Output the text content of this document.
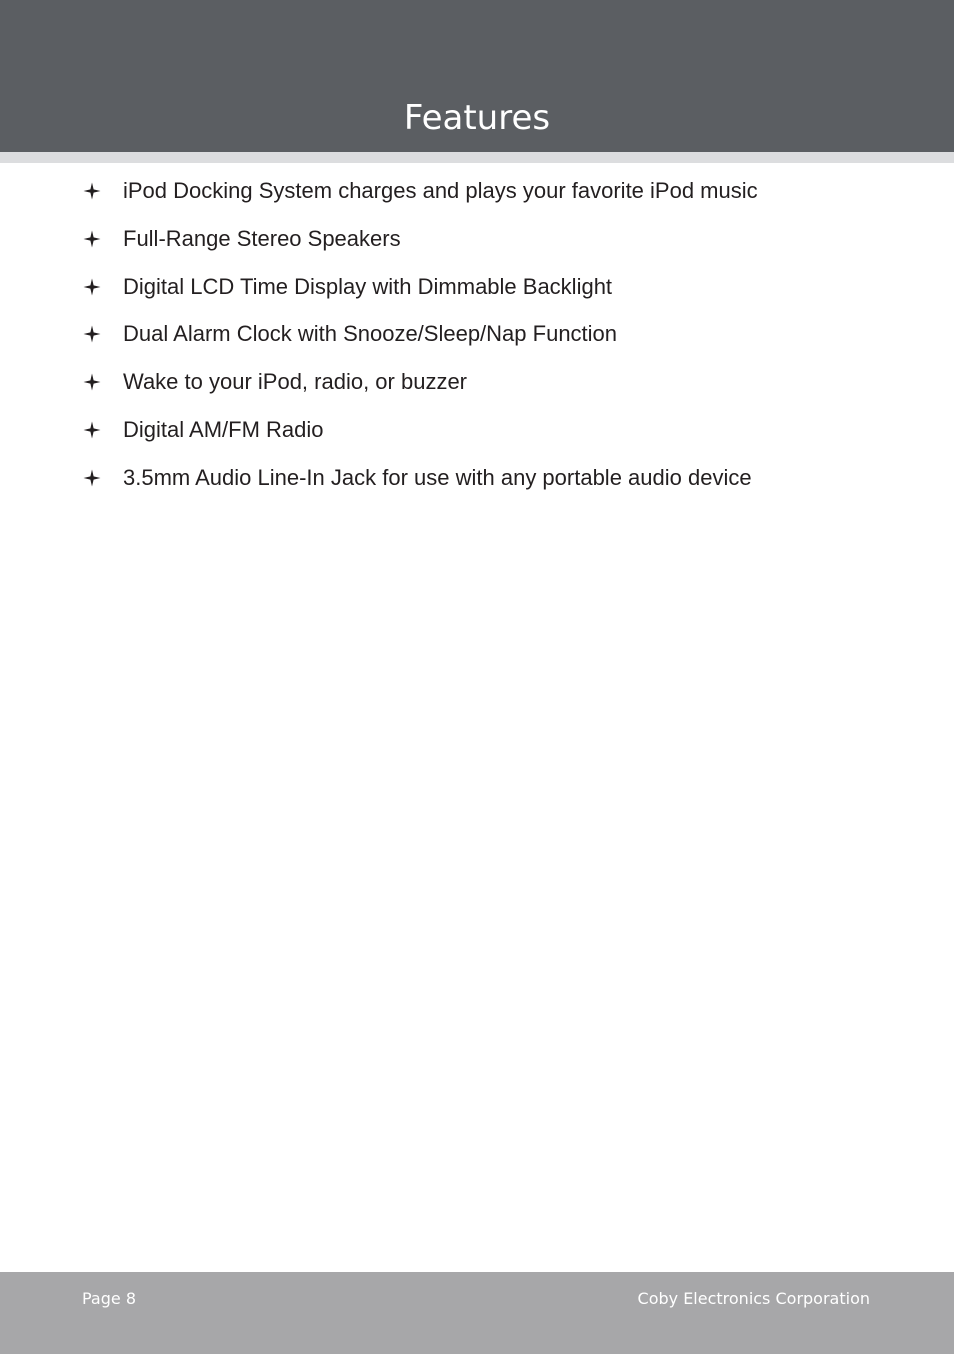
Features
iPod Docking System charges and plays your favorite iPod music
Full-Range Stereo Speakers
Digital LCD Time Display with Dimmable Backlight
Dual Alarm Clock with Snooze/Sleep/Nap Function
Wake to your iPod, radio, or buzzer
Digital AM/FM Radio
3.5mm Audio Line-In Jack for use with any portable audio device
Page 8	Coby Electronics Corporation
